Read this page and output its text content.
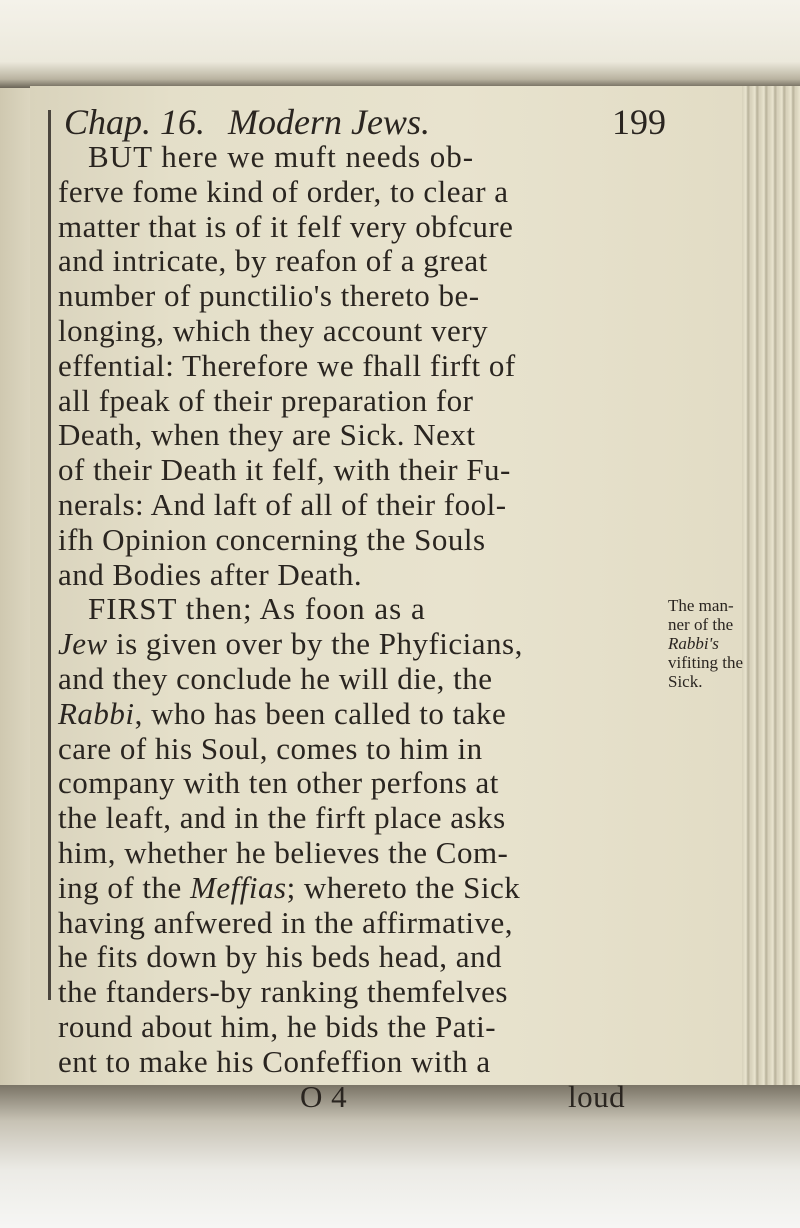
Chap. 16. Modern Jews.	199
BUT here we muft needs ob-
ferve fome kind of order, to clear a
matter that is of it felf very obfcure
and intricate, by reafon of a great
number of punctilio's thereto be-
longing, which they account very
effential: Therefore we fhall firft of
all fpeak of their preparation for
Death, when they are Sick. Next
of their Death it felf, with their Fu-
nerals: And laft of all of their fool-
ifh Opinion concerning the Souls
and Bodies after Death.
FIRST then; As foon as a
Jew is given over by the Phyficians,
and they conclude he will die, the
Rabbi, who has been called to take
care of his Soul, comes to him in
company with ten other perfons at
the leaft, and in the firft place asks
him, whether he believes the Com-
ing of the Meffias; whereto the Sick
having anfwered in the affirmative,
he fits down by his beds head, and
the ftanders-by ranking themfelves
round about him, he bids the Pati-
ent to make his Confeffion with a
The man-
ner of the
Rabbi's
vifiting the
Sick.
O 4	loud
